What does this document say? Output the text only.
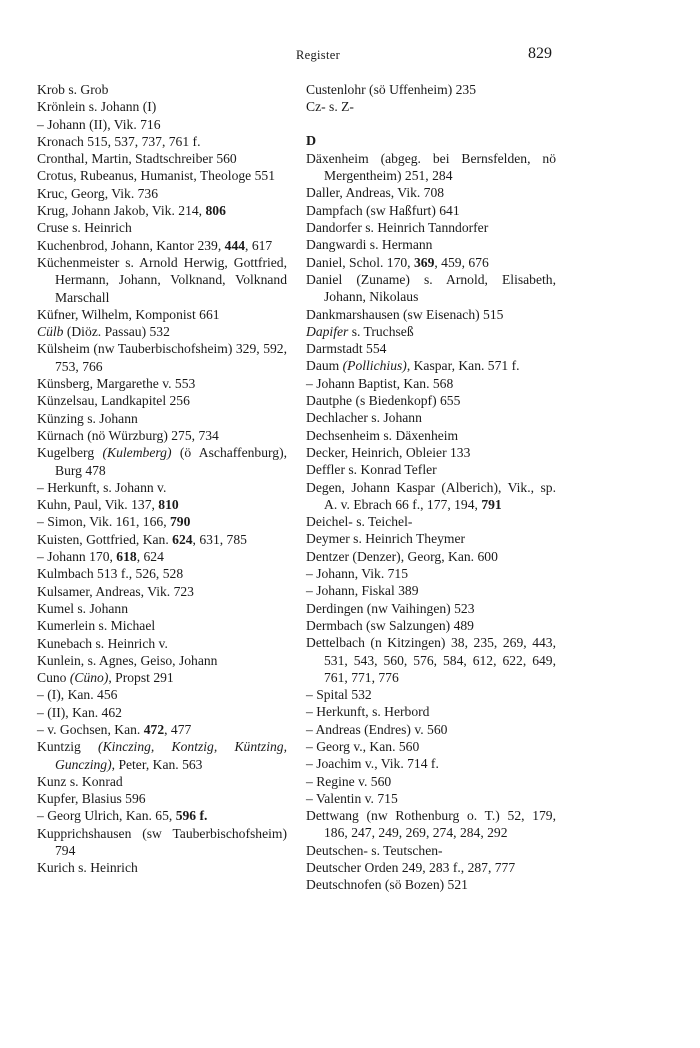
Register	829
Krob s. Grob
Krönlein s. Johann (I)
– Johann (II), Vik. 716
Kronach 515, 537, 737, 761 f.
Cronthal, Martin, Stadtschreiber 560
Crotus, Rubeanus, Humanist, Theologe 551
Kruc, Georg, Vik. 736
Krug, Johann Jakob, Vik. 214, 806
Cruse s. Heinrich
Kuchenbrod, Johann, Kantor 239, 444, 617
Küchenmeister s. Arnold Herwig, Gottfried, Hermann, Johann, Volknand, Volknand Marschall
Küfner, Wilhelm, Komponist 661
Cülb (Diöz. Passau) 532
Külsheim (nw Tauberbischofsheim) 329, 592, 753, 766
Künsberg, Margarethe v. 553
Künzelsau, Landkapitel 256
Künzing s. Johann
Kürnach (nö Würzburg) 275, 734
Kugelberg (Kulemberg) (ö Aschaffenburg), Burg 478
– Herkunft, s. Johann v.
Kuhn, Paul, Vik. 137, 810
– Simon, Vik. 161, 166, 790
Kuisten, Gottfried, Kan. 624, 631, 785
– Johann 170, 618, 624
Kulmbach 513 f., 526, 528
Kulsamer, Andreas, Vik. 723
Kumel s. Johann
Kumerlein s. Michael
Kunebach s. Heinrich v.
Kunlein, s. Agnes, Geiso, Johann
Cuno (Cüno), Propst 291
– (I), Kan. 456
– (II), Kan. 462
– v. Gochsen, Kan. 472, 477
Kuntzig (Kinczing, Kontzig, Küntzing, Gunczing), Peter, Kan. 563
Kunz s. Konrad
Kupfer, Blasius 596
– Georg Ulrich, Kan. 65, 596 f.
Kupprichshausen (sw Tauberbischofsheim) 794
Kurich s. Heinrich
Custenlohr (sö Uffenheim) 235
Cz- s. Z-
D
Däxenheim (abgeg. bei Bernsfelden, nö Mergentheim) 251, 284
Daller, Andreas, Vik. 708
Dampfach (sw Haßfurt) 641
Dandorfer s. Heinrich Tanndorfer
Dangwardi s. Hermann
Daniel, Schol. 170, 369, 459, 676
Daniel (Zuname) s. Arnold, Elisabeth, Johann, Nikolaus
Dankmarshausen (sw Eisenach) 515
Dapifer s. Truchseß
Darmstadt 554
Daum (Pollichius), Kaspar, Kan. 571 f.
– Johann Baptist, Kan. 568
Dautphe (s Biedenkopf) 655
Dechlacher s. Johann
Dechsenheim s. Däxenheim
Decker, Heinrich, Obleier 133
Deffler s. Konrad Tefler
Degen, Johann Kaspar (Alberich), Vik., sp. A. v. Ebrach 66 f., 177, 194, 791
Deichel- s. Teichel-
Deymer s. Heinrich Theymer
Dentzer (Denzer), Georg, Kan. 600
– Johann, Vik. 715
– Johann, Fiskal 389
Derdingen (nw Vaihingen) 523
Dermbach (sw Salzungen) 489
Dettelbach (n Kitzingen) 38, 235, 269, 443, 531, 543, 560, 576, 584, 612, 622, 649, 761, 771, 776
– Spital 532
– Herkunft, s. Herbord
– Andreas (Endres) v. 560
– Georg v., Kan. 560
– Joachim v., Vik. 714 f.
– Regine v. 560
– Valentin v. 715
Dettwang (nw Rothenburg o. T.) 52, 179, 186, 247, 249, 269, 274, 284, 292
Deutschen- s. Teutschen-
Deutscher Orden 249, 283 f., 287, 777
Deutschnofen (sö Bozen) 521
